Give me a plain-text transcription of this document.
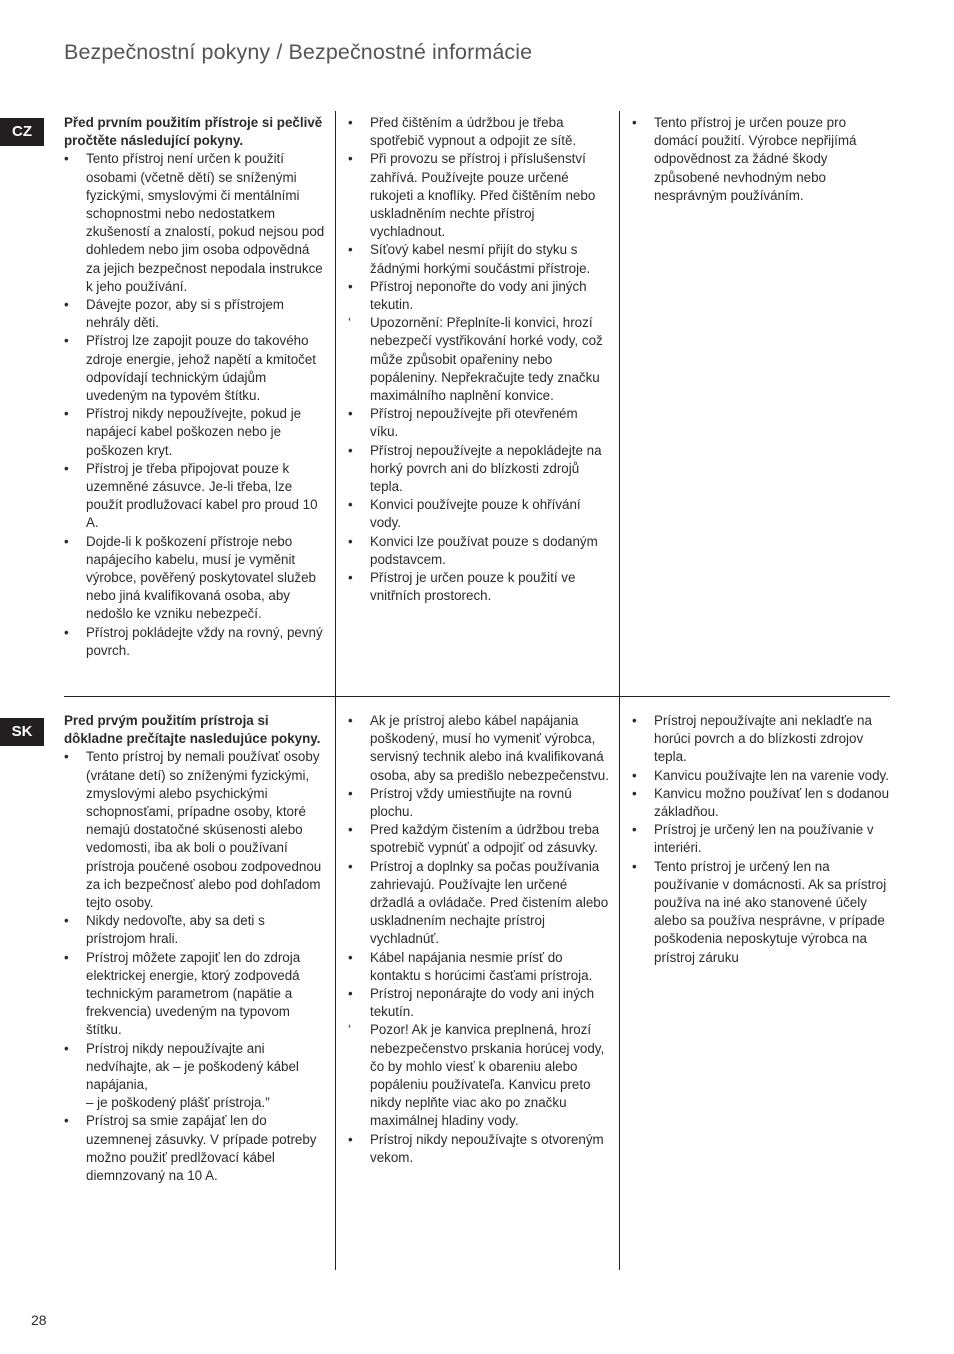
Bezpečnostní pokyny / Bezpečnostné informácie
CZ

Před prvním použitím přístroje si pečlivě pročtěte následující pokyny.

•	Tento přístroj není určen k použití osobami (včetně dětí) se sníženými fyzickými, smyslovými či mentálními schopnostmi nebo nedostatkem zkušeností a znalostí, pokud nejsou pod dohledem nebo jim osoba odpovědná za jejich bezpečnost nepodala instrukce k jeho používání.
•	Dávejte pozor, aby si s přístrojem nehrály děti.
•	Přístroj lze zapojit pouze do takového zdroje energie, jehož napětí a kmitočet odpovídají technickým údajům uvedeným na typovém štítku.
•	Přístroj nikdy nepoužívejte, pokud je napájecí kabel poškozen nebo je poškozen kryt.
•	Přístroj je třeba připojovat pouze k uzemněné zásuvce. Je-li třeba, lze použít prodlužovací kabel pro proud 10 A.
•	Dojde-li k poškození přístroje nebo napájecího kabelu, musí je vyměnit výrobce, pověřený poskytovatel služeb nebo jiná kvalifikovaná osoba, aby nedošlo ke vzniku nebezpečí.
•	Přístroj pokládejte vždy na rovný, pevný povrch.
•	Před čištěním a údržbou je třeba spotřebič vypnout a odpojit ze sítě.
•	Při provozu se přístroj i příslušenství zahřívá. Používejte pouze určené rukojeti a knoflíky. Před čištěním nebo uskladněním nechte přístroj vychladnout.
•	Síťový kabel nesmí přijít do styku s žádnými horkými součástmi přístroje.
•	Přístroj neponořte do vody ani jiných tekutin.
‘	Upozornění: Přeplníte-li konvici, hrozí nebezpečí vystřikování horké vody, což může způsobit opařeniny nebo popáleniny. Nepřekračujte tedy značku maximálního naplnění konvice.
•	Přístroj nepoužívejte při otevřeném víku.
•	Přístroj nepoužívejte a nepokládejte na horký povrch ani do blízkosti zdrojů tepla.
•	Konvici používejte pouze k ohřívání vody.
•	Konvici lze používat pouze s dodaným podstavcem.
•	Přístroj je určen pouze k použití ve vnitřních prostorech.
•	Tento přístroj je určen pouze pro domácí použití. Výrobce nepřijímá odpovědnost za žádné škody způsobené nevhodným nebo nesprávným používáním.
SK

Pred prvým použitím prístroja si dôkladne prečítajte nasledujúce pokyny.

•	Tento prístroj by nemali používať osoby (vrátane detí) so zníženými fyzickými, zmyslovými alebo psychickými schopnosťami, prípadne osoby, ktoré nemajú dostatočné skúsenosti alebo vedomosti, iba ak boli o používaní prístroja poučené osobou zodpovednou za ich bezpečnosť alebo pod dohľadom tejto osoby.
•	Nikdy nedovoľte, aby sa deti s prístrojom hrali.
•	Prístroj môžete zapojiť len do zdroja elektrickej energie, ktorý zodpovedá technickým parametrom (napätie a frekvencia) uvedeným na typovom štítku.
•	Prístroj nikdy nepoužívajte ani nedvíhajte, ak – je poškodený kábel napájania,
– je poškodený plášť prístroja.”
•	Prístroj sa smie zapájať len do uzemnenej zásuvky. V prípade potreby možno použiť predlžovací kábel diemnzovaný na 10 A.
•	Ak je prístroj alebo kábel napájania poškodený, musí ho vymeniť výrobca, servisný technik alebo iná kvalifikovaná osoba, aby sa predišlo nebezpečenstvu.
•	Prístroj vždy umiestňujte na rovnú plochu.
•	Pred každým čistením a údržbou treba spotrebič vypnúť a odpojiť od zásuvky.
•	Prístroj a doplnky sa počas používania zahrievajú. Používajte len určené držadlá a ovládače. Pred čistením alebo uskladnením nechajte prístroj vychladnúť.
•	Kábel napájania nesmie prísť do kontaktu s horúcimi časťami prístroja.
•	Prístroj neponárajte do vody ani iných tekutín.
‘	Pozor! Ak je kanvica preplnená, hrozí nebezpečenstvo prskania horúcej vody, čo by mohlo viesť k obareniu alebo popáleniu používateľa. Kanvicu preto nikdy neplňte viac ako po značku maximálnej hladiny vody.
•	Prístroj nikdy nepoužívajte s otvoreným vekom.
•	Prístroj nepoužívajte ani nekladťe na horúci povrch a do blízkosti zdrojov tepla.
•	Kanvicu používajte len na varenie vody.
•	Kanvicu možno používať len s dodanou základňou.
•	Prístroj je určený len na používanie v interiéri.
•	Tento prístroj je určený len na používanie v domácnosti. Ak sa prístroj používa na iné ako stanovené účely alebo sa používa nesprávne, v prípade poškodenia neposkytuje výrobca na prístroj záruku
28
